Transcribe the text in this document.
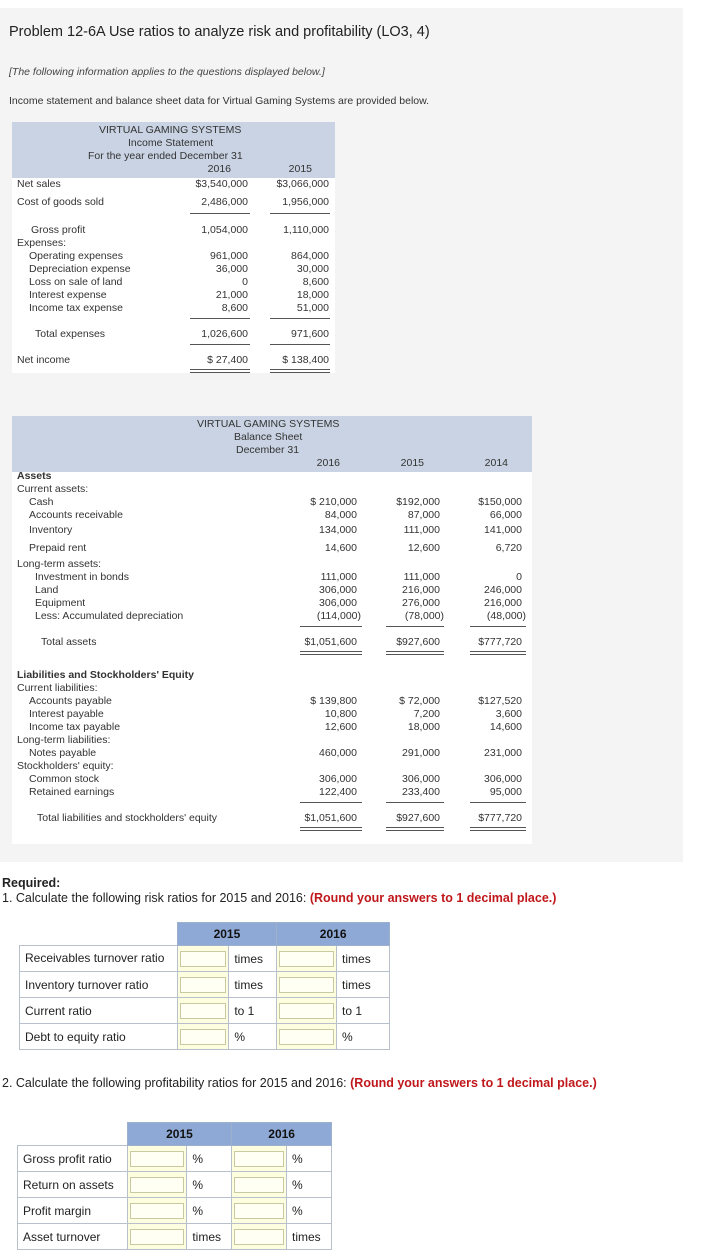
Problem 12-6A Use ratios to analyze risk and profitability (LO3, 4)
[The following information applies to the questions displayed below.]
Income statement and balance sheet data for Virtual Gaming Systems are provided below.
VIRTUAL GAMING SYSTEMS
Income Statement
For the year ended December 31
2016	2015
Net sales	$3,540,000	$3,066,000
Cost of goods sold	2,486,000	1,956,000
Gross profit	1,054,000	1,110,000
Expenses:
Operating expenses	961,000	864,000
Depreciation expense	36,000	30,000
Loss on sale of land	0	8,600
Interest expense	21,000	18,000
Income tax expense	8,600	51,000
Total expenses	1,026,600	971,600
Net income	$ 27,400	$ 138,400
VIRTUAL GAMING SYSTEMS
Balance Sheet
December 31
2016	2015	2014
Assets
Current assets:
Cash	$ 210,000	$192,000	$150,000
Accounts receivable	84,000	87,000	66,000
Inventory	134,000	111,000	141,000
Prepaid rent	14,600	12,600	6,720
Long-term assets:
Investment in bonds	111,000	111,000	0
Land	306,000	216,000	246,000
Equipment	306,000	276,000	216,000
Less: Accumulated depreciation	(114,000)	(78,000)	(48,000)
Total assets	$1,051,600	$927,600	$777,720
Liabilities and Stockholders' Equity
Current liabilities:
Accounts payable	$ 139,800	$ 72,000	$127,520
Interest payable	10,800	7,200	3,600
Income tax payable	12,600	18,000	14,600
Long-term liabilities:
Notes payable	460,000	291,000	231,000
Stockholders' equity:
Common stock	306,000	306,000	306,000
Retained earnings	122,400	233,400	95,000
Total liabilities and stockholders' equity	$1,051,600	$927,600	$777,720
Required:
1. Calculate the following risk ratios for 2015 and 2016: (Round your answers to 1 decimal place.)
	2015		2016	
Receivables turnover ratio		times		times
Inventory turnover ratio		times		times
Current ratio		to 1		to 1
Debt to equity ratio		%		%
2. Calculate the following profitability ratios for 2015 and 2016: (Round your answers to 1 decimal place.)
	2015		2016	
Gross profit ratio		%		%
Return on assets		%		%
Profit margin		%		%
Asset turnover		times		times
